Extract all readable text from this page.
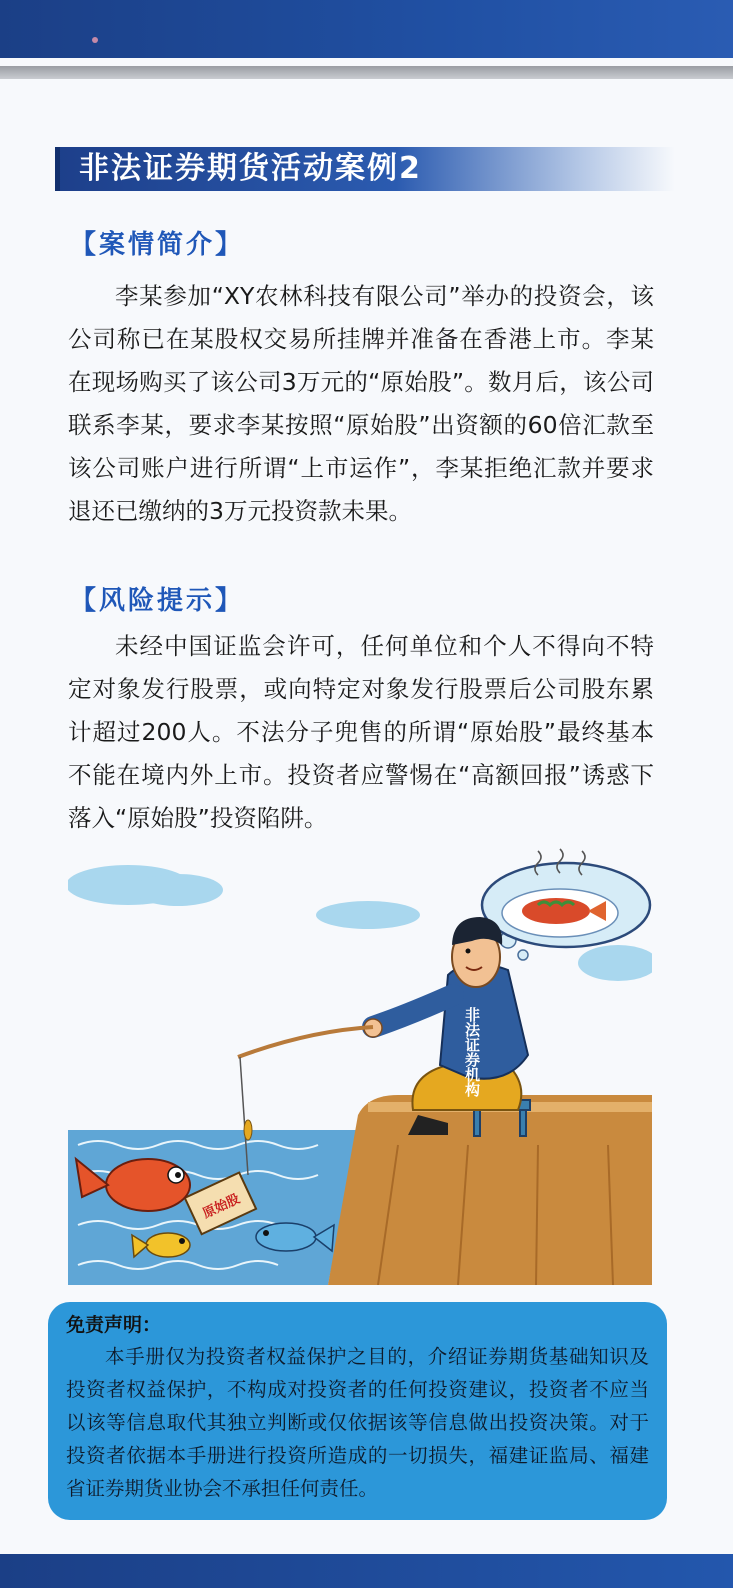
非法证券期货活动案例2
【案情简介】

李某参加“XY农林科技有限公司”举办的投资会，该公司称已在某股权交易所挂牌并准备在香港上市。李某在现场购买了该公司3万元的“原始股”。数月后，该公司联系李某，要求李某按照“原始股”出资额的60倍汇款至该公司账户进行所谓“上市运作”，李某拒绝汇款并要求退还已缴纳的3万元投资款未果。

【风险提示】

未经中国证监会许可，任何单位和个人不得向不特定对象发行股票，或向特定对象发行股票后公司股东累计超过200人。不法分子兜售的所谓“原始股”最终基本不能在境内外上市。投资者应警惕在“高额回报”诱惑下落入“原始股”投资陷阱。

非法证券机构
原始股
免责声明：

本手册仅为投资者权益保护之目的，介绍证券期货基础知识及投资者权益保护，不构成对投资者的任何投资建议，投资者不应当以该等信息取代其独立判断或仅依据该等信息做出投资决策。对于投资者依据本手册进行投资所造成的一切损失，福建证监局、福建省证券期货业协会不承担任何责任。
